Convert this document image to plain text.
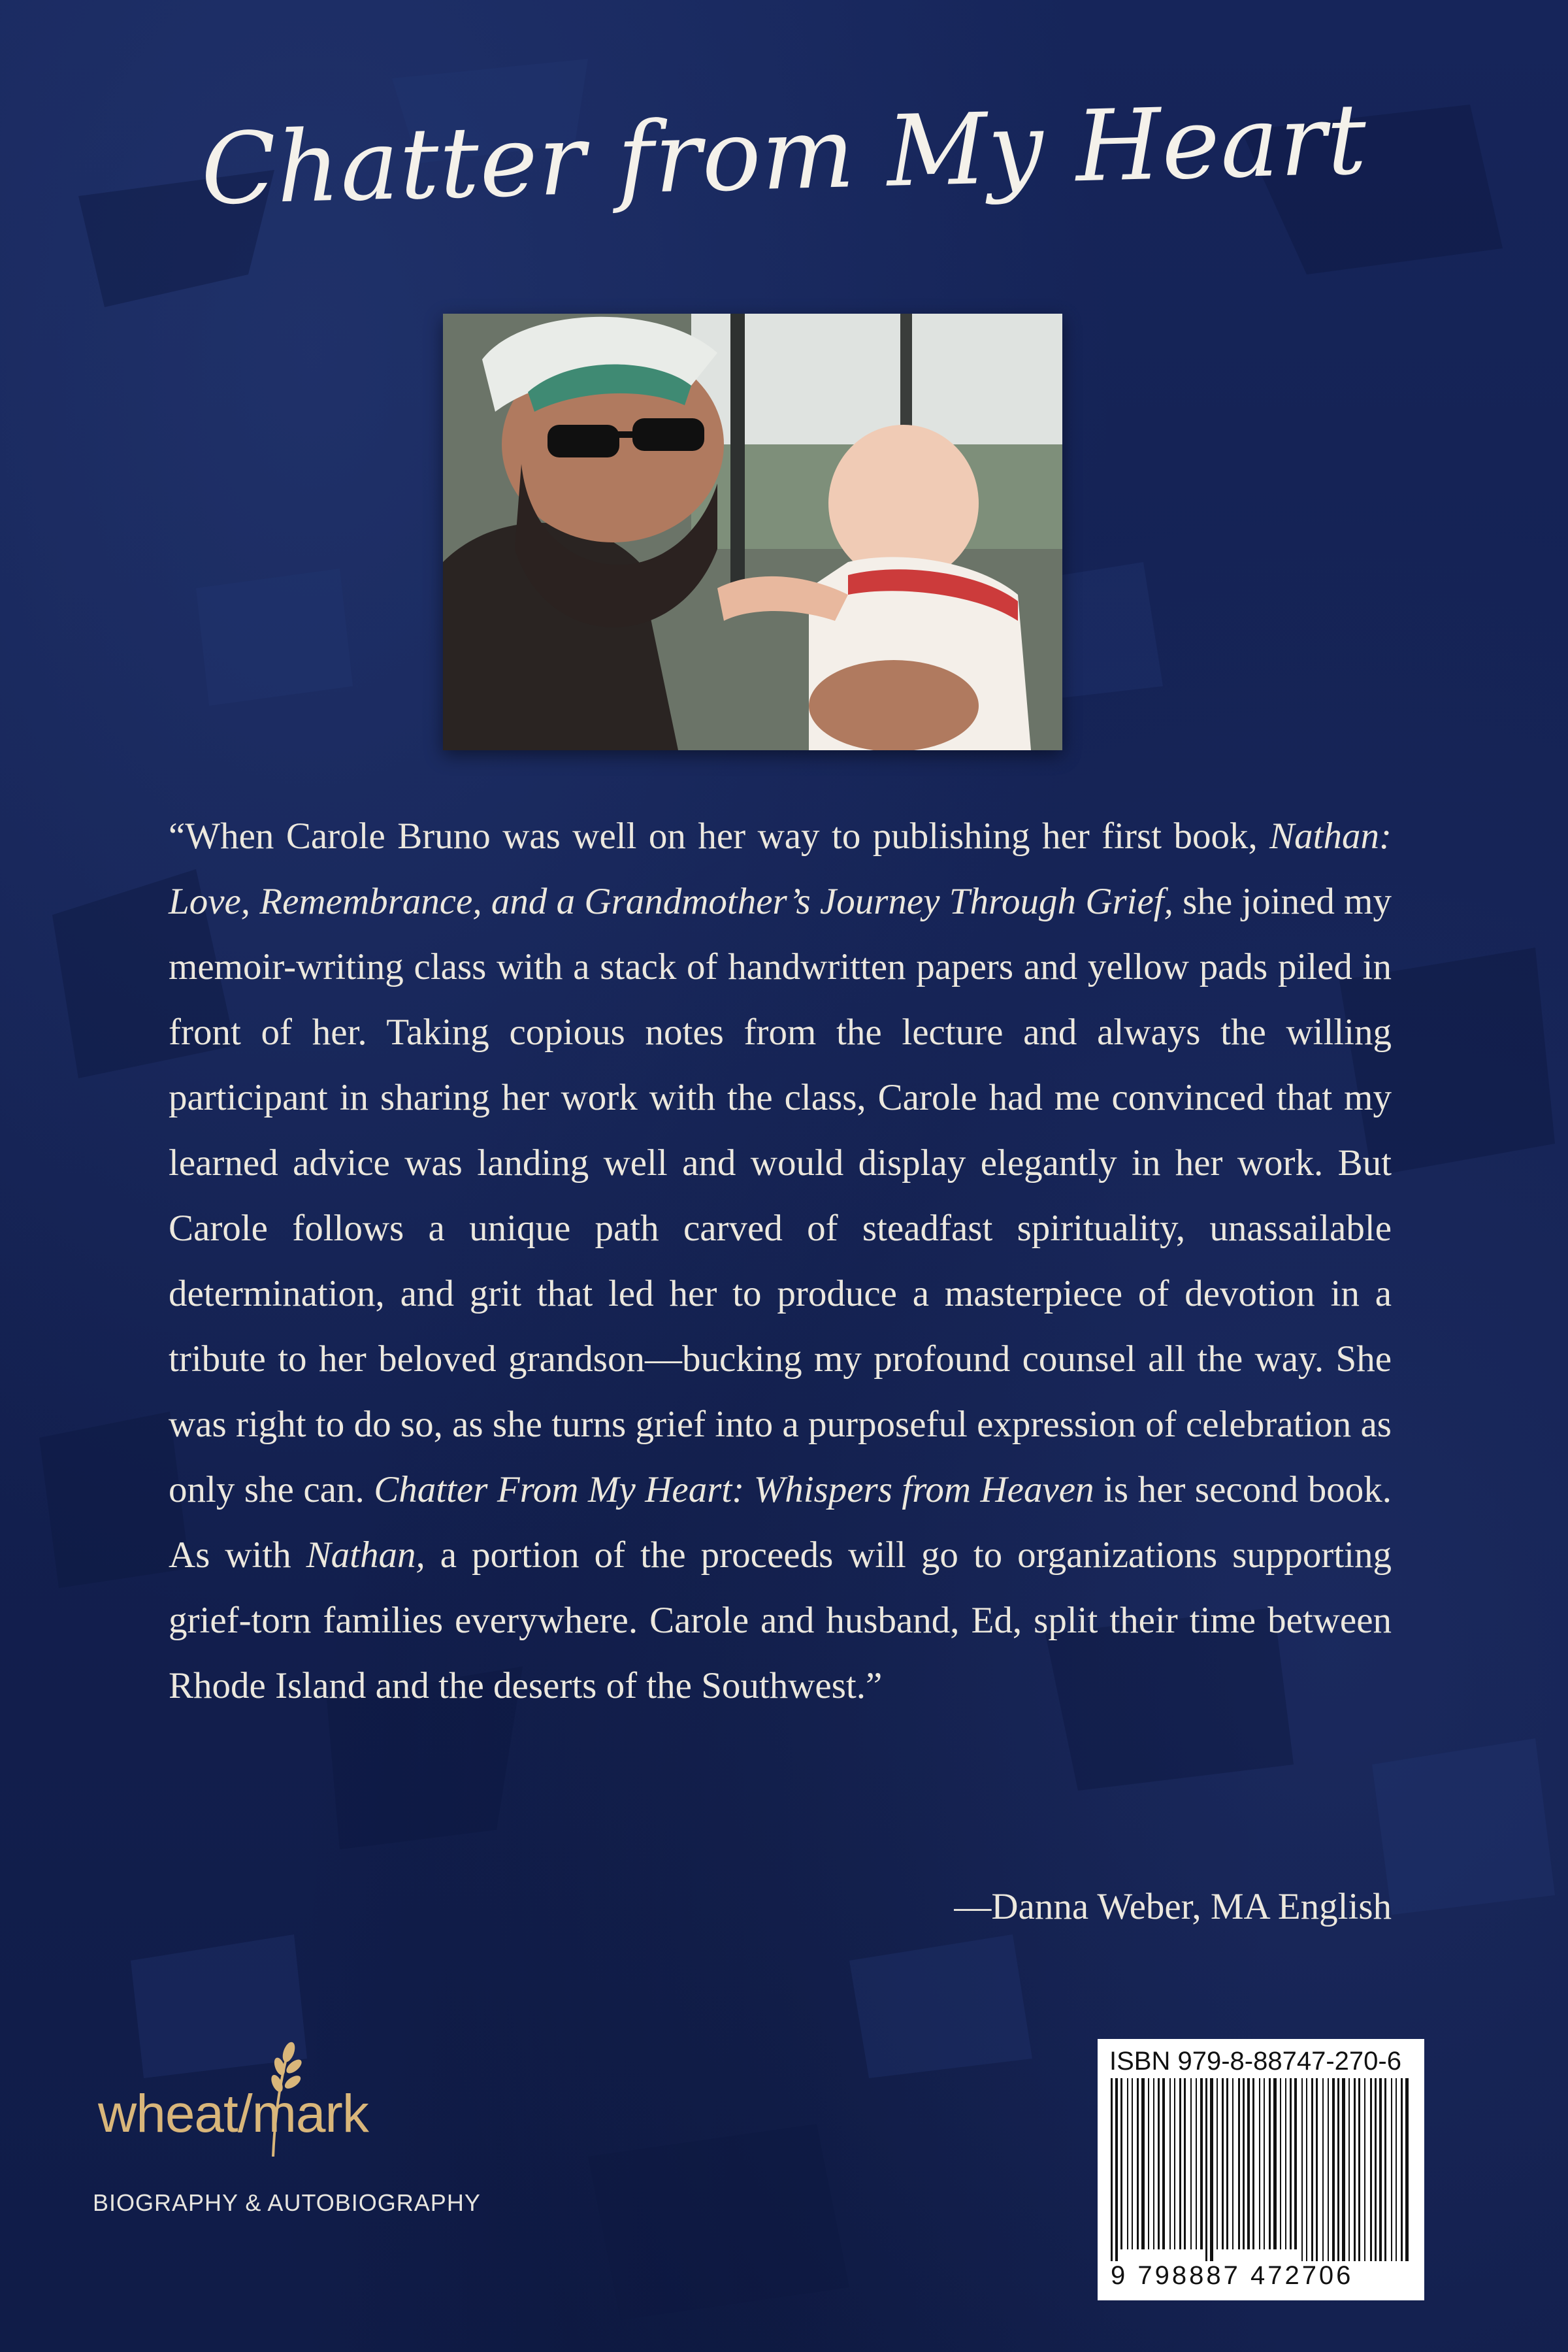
Chatter from My Heart

“When Carole Bruno was well on her way to publishing her first book, Nathan: Love, Remembrance, and a Grandmother’s Journey Through Grief, she joined my memoir-writing class with a stack of handwritten papers and yellow pads piled in front of her. Taking copious notes from the lecture and always the willing participant in sharing her work with the class, Carole had me convinced that my learned advice was landing well and would display elegantly in her work. But Carole follows a unique path carved of steadfast spirituality, unassailable determination, and grit that led her to produce a masterpiece of devotion in a tribute to her beloved grandson—bucking my profound counsel all the way. She was right to do so, as she turns grief into a purposeful expression of celebration as only she can. Chatter From My Heart: Whispers from Heaven is her second book. As with Nathan, a portion of the proceeds will go to organizations supporting grief-torn families everywhere. Carole and husband, Ed, split their time between Rhode Island and the deserts of the Southwest.”

—Danna Weber, MA English

wheat/mark

BIOGRAPHY & AUTOBIOGRAPHY

ISBN 979-8-88747-270-6

9 798887 472706
